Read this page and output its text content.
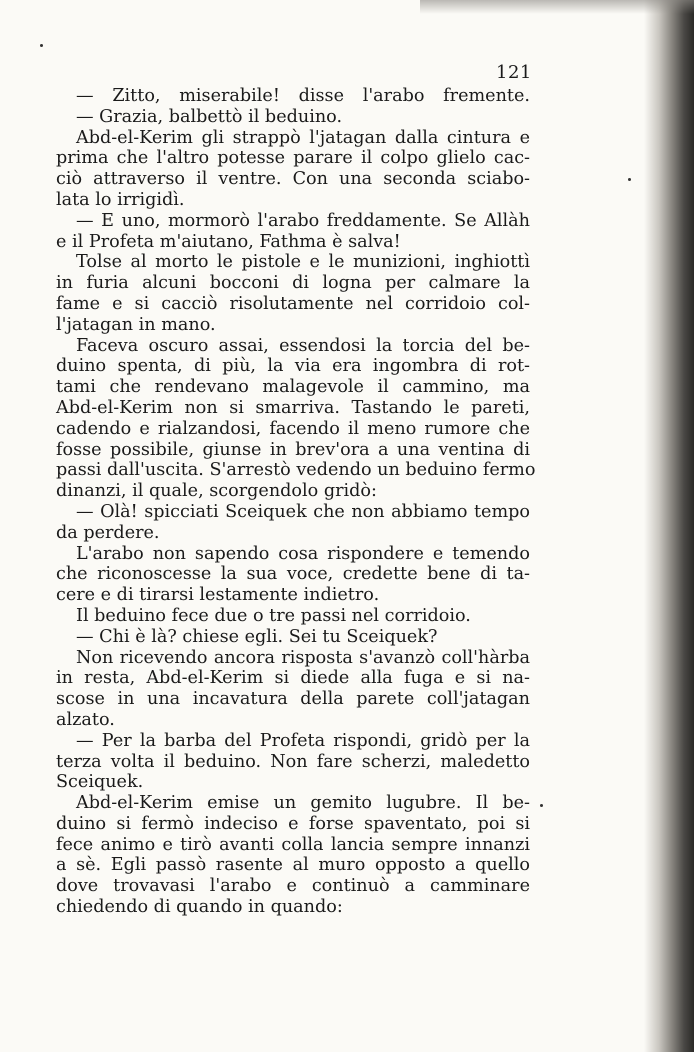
121
— Zitto, miserabile! disse l'arabo fremente.
— Grazia, balbettò il beduino.
Abd-el-Kerim gli strappò l'jatagan dalla cintura e
prima che l'altro potesse parare il colpo glielo cac-
ciò attraverso il ventre. Con una seconda sciabo-
lata lo irrigidì.
— E uno, mormorò l'arabo freddamente. Se Allàh
e il Profeta m'aiutano, Fathma è salva!
Tolse al morto le pistole e le munizioni, inghiottì
in furia alcuni bocconi di logna per calmare la
fame e si cacciò risolutamente nel corridoio col-
l'jatagan in mano.
Faceva oscuro assai, essendosi la torcia del be-
duino spenta, di più, la via era ingombra di rot-
tami che rendevano malagevole il cammino, ma
Abd-el-Kerim non si smarriva. Tastando le pareti,
cadendo e rialzandosi, facendo il meno rumore che
fosse possibile, giunse in brev'ora a una ventina di
passi dall'uscita. S'arrestò vedendo un beduino fermo
dinanzi, il quale, scorgendolo gridò:
— Olà! spicciati Sceiquek che non abbiamo tempo
da perdere.
L'arabo non sapendo cosa rispondere e temendo
che riconoscesse la sua voce, credette bene di ta-
cere e di tirarsi lestamente indietro.
Il beduino fece due o tre passi nel corridoio.
— Chi è là? chiese egli. Sei tu Sceiquek?
Non ricevendo ancora risposta s'avanzò coll'hàrba
in resta, Abd-el-Kerim si diede alla fuga e si na-
scose in una incavatura della parete coll'jatagan
alzato.
— Per la barba del Profeta rispondi, gridò per la
terza volta il beduino. Non fare scherzi, maledetto
Sceiquek.
Abd-el-Kerim emise un gemito lugubre. Il be-
duino si fermò indeciso e forse spaventato, poi si
fece animo e tirò avanti colla lancia sempre innanzi
a sè. Egli passò rasente al muro opposto a quello
dove trovavasi l'arabo e continuò a camminare
chiedendo di quando in quando:
